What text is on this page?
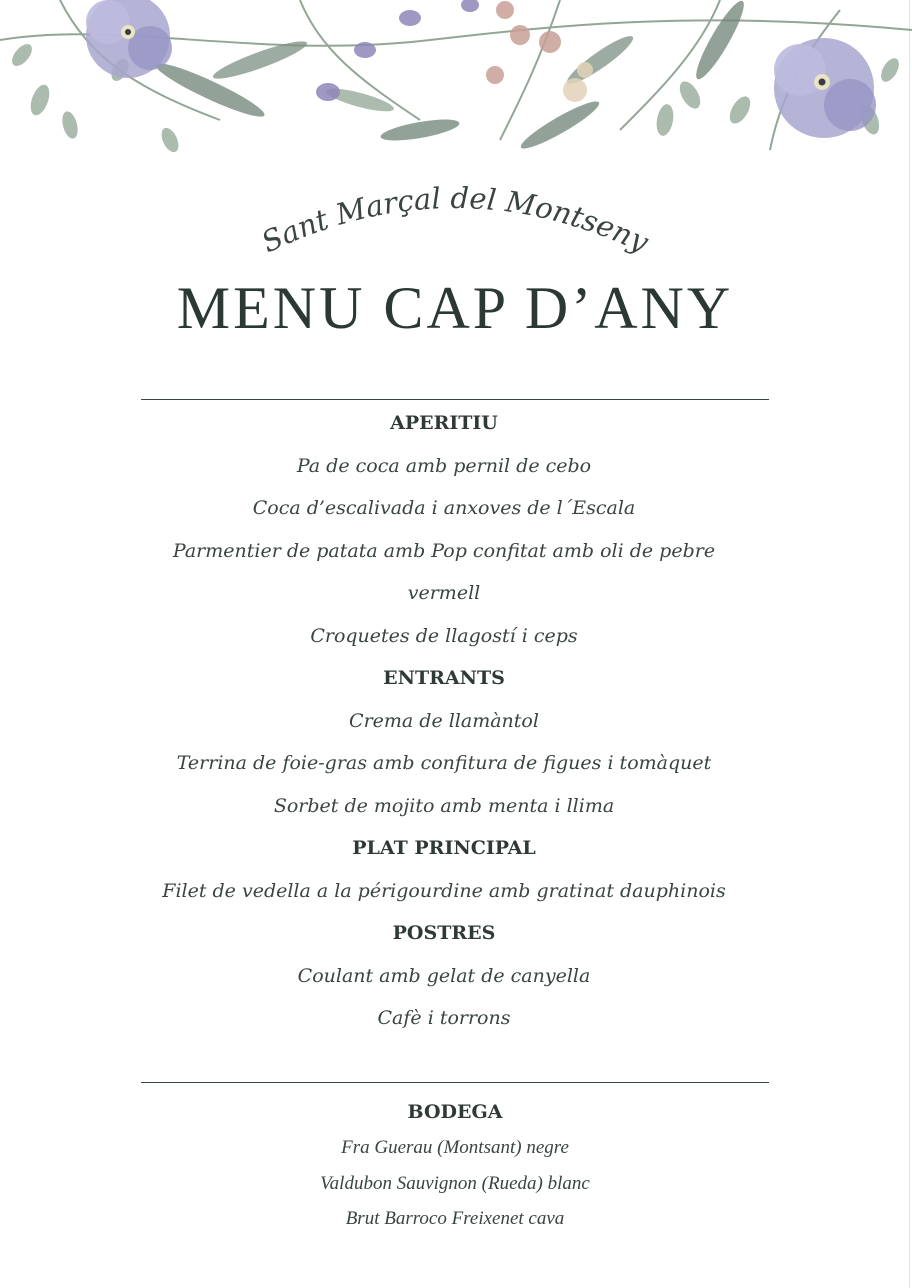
Sant Marçal del Montseny
MENU CAP D’ANY
APERITIU
Pa de coca amb pernil de cebo
Coca d’escalivada i anxoves de l´Escala
Parmentier de patata amb Pop confitat amb oli de pebre vermell
Croquetes de llagostí i ceps
ENTRANTS
Crema de llamàntol
Terrina de foie-gras amb confitura de figues i tomàquet
Sorbet de mojito amb menta i llima
PLAT PRINCIPAL
Filet de vedella a la périgourdine amb gratinat dauphinois
POSTRES
Coulant amb gelat de canyella
Cafè i torrons
BODEGA
Fra Guerau (Montsant) negre
Valdubon Sauvignon (Rueda) blanc
Brut Barroco Freixenet cava
